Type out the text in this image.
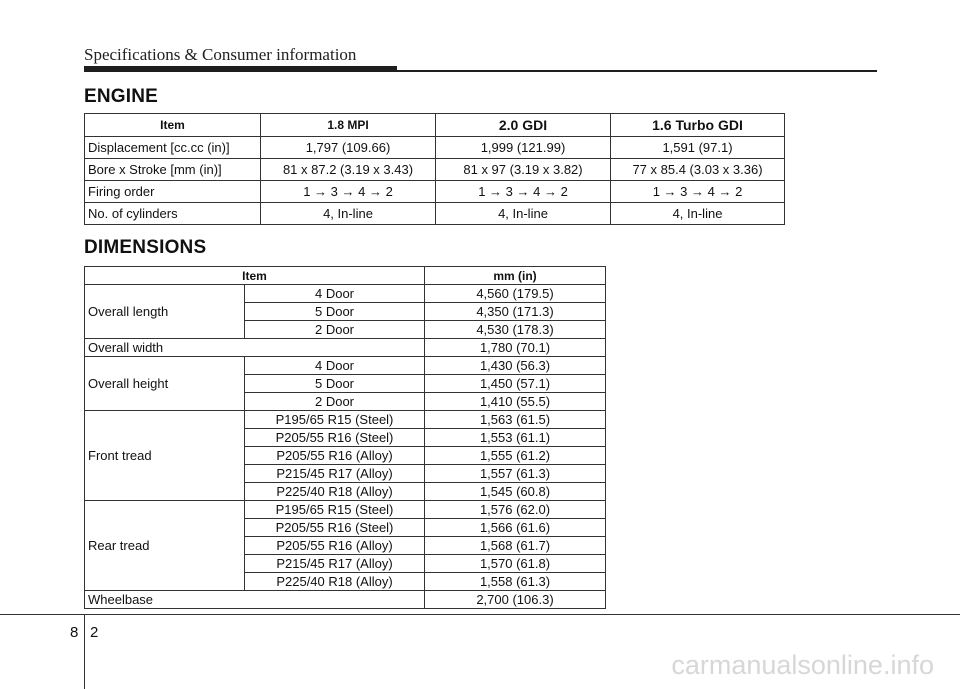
Specifications & Consumer information
ENGINE
Item	1.8 MPI	2.0 GDI	1.6 Turbo GDI
Displacement [cc.cc (in)]	1,797 (109.66)	1,999 (121.99)	1,591 (97.1)
Bore x Stroke [mm (in)]	81 x 87.2 (3.19 x 3.43)	81 x 97 (3.19 x 3.82)	77 x 85.4 (3.03 x 3.36)
Firing order	1 → 3 → 4 → 2	1 → 3 → 4 → 2	1 → 3 → 4 → 2
No. of cylinders	4, In-line	4, In-line	4, In-line
DIMENSIONS
Item		mm (in)
Overall length	4 Door	4,560 (179.5)
	5 Door	4,350 (171.3)
	2 Door	4,530 (178.3)
Overall width		1,780 (70.1)
Overall height	4 Door	1,430 (56.3)
	5 Door	1,450 (57.1)
	2 Door	1,410 (55.5)
Front tread	P195/65 R15 (Steel)	1,563 (61.5)
	P205/55 R16 (Steel)	1,553 (61.1)
	P205/55 R16 (Alloy)	1,555 (61.2)
	P215/45 R17 (Alloy)	1,557 (61.3)
	P225/40 R18 (Alloy)	1,545 (60.8)
Rear tread	P195/65 R15 (Steel)	1,576 (62.0)
	P205/55 R16 (Steel)	1,566 (61.6)
	P205/55 R16 (Alloy)	1,568 (61.7)
	P215/45 R17 (Alloy)	1,570 (61.8)
	P225/40 R18 (Alloy)	1,558 (61.3)
Wheelbase		2,700 (106.3)
8 2
carmanualsonline.info
